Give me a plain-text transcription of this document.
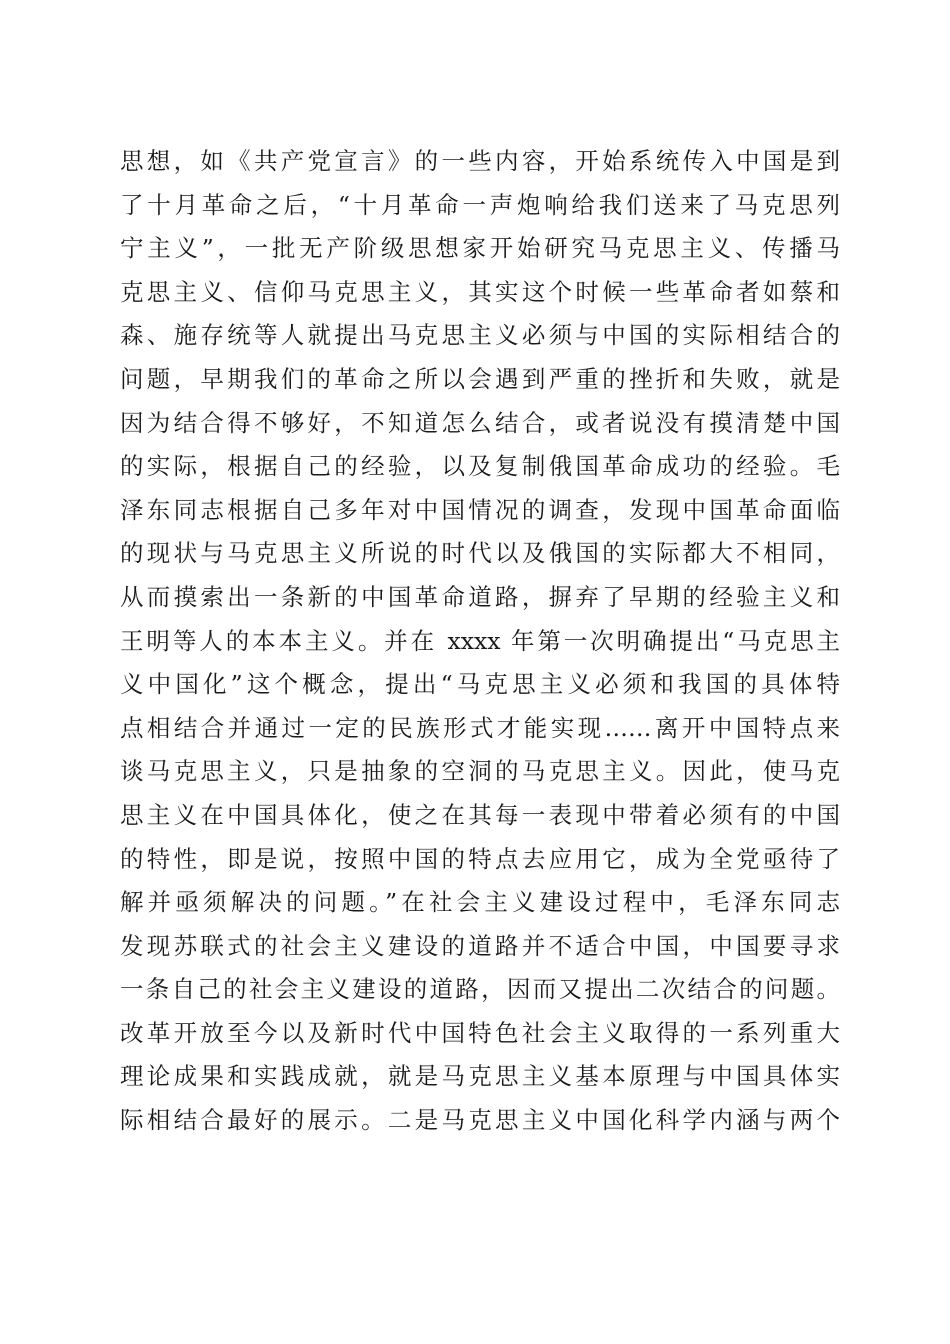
思想，如《共产党宣言》的一些内容，开始系统传入中国是到
了十月革命之后，“十月革命一声炮响给我们送来了马克思列
宁主义”，一批无产阶级思想家开始研究马克思主义、传播马
克思主义、信仰马克思主义，其实这个时候一些革命者如蔡和
森、施存统等人就提出马克思主义必须与中国的实际相结合的
问题，早期我们的革命之所以会遇到严重的挫折和失败，就是
因为结合得不够好，不知道怎么结合，或者说没有摸清楚中国
的实际，根据自己的经验，以及复制俄国革命成功的经验。毛
泽东同志根据自己多年对中国情况的调查，发现中国革命面临
的现状与马克思主义所说的时代以及俄国的实际都大不相同，
从而摸索出一条新的中国革命道路，摒弃了早期的经验主义和
王明等人的本本主义。并在 xxxx 年第一次明确提出“马克思主
义中国化”这个概念，提出“马克思主义必须和我国的具体特
点相结合并通过一定的民族形式才能实现……离开中国特点来
谈马克思主义，只是抽象的空洞的马克思主义。因此，使马克
思主义在中国具体化，使之在其每一表现中带着必须有的中国
的特性，即是说，按照中国的特点去应用它，成为全党亟待了
解并亟须解决的问题。”在社会主义建设过程中，毛泽东同志
发现苏联式的社会主义建设的道路并不适合中国，中国要寻求
一条自己的社会主义建设的道路，因而又提出二次结合的问题。
改革开放至今以及新时代中国特色社会主义取得的一系列重大
理论成果和实践成就，就是马克思主义基本原理与中国具体实
际相结合最好的展示。二是马克思主义中国化科学内涵与两个
